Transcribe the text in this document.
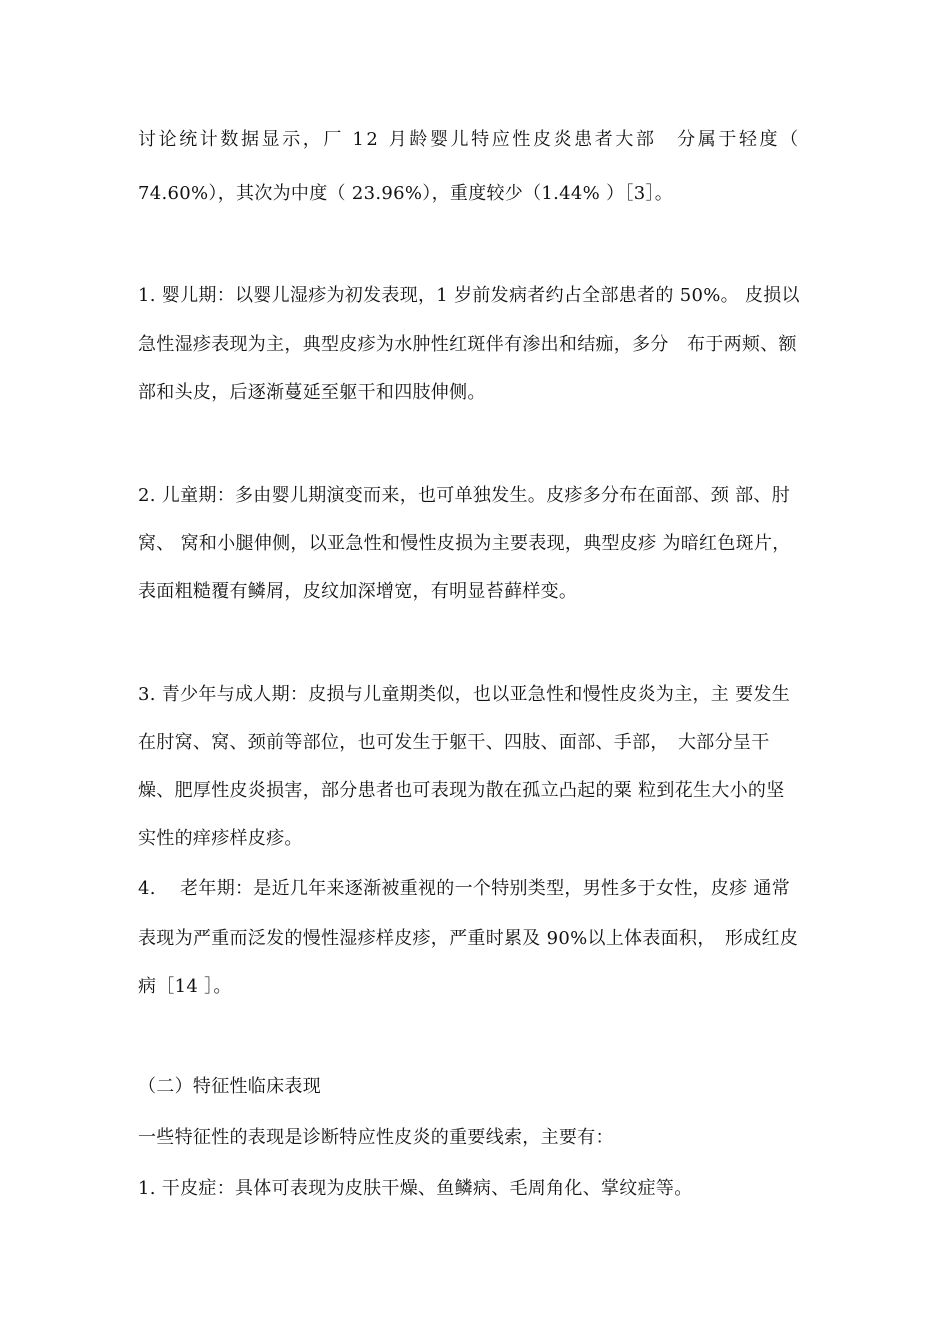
讨论统计数据显示，厂 12 月龄婴儿特应性皮炎患者大部　分属于轻度（
74.60%），其次为中度（ 23.96%），重度较少（1.44% ）［3］。
1. 婴儿期：以婴儿湿疹为初发表现，1 岁前发病者约占全部患者的 50%。 皮损以
急性湿疹表现为主，典型皮疹为水肿性红斑伴有渗出和结痂，多分　布于两颊、额
部和头皮，后逐渐蔓延至躯干和四肢伸侧。
2. 儿童期：多由婴儿期演变而来，也可单独发生。皮疹多分布在面部、颈 部、肘
窝、 窝和小腿伸侧，以亚急性和慢性皮损为主要表现，典型皮疹 为暗红色斑片，
表面粗糙覆有鳞屑，皮纹加深增宽，有明显苔藓样变。
3. 青少年与成人期：皮损与儿童期类似，也以亚急性和慢性皮炎为主，主 要发生
在肘窝、窝、颈前等部位，也可发生于躯干、四肢、面部、手部，　大部分呈干
燥、肥厚性皮炎损害，部分患者也可表现为散在孤立凸起的粟 粒到花生大小的坚
实性的痒疹样皮疹。
4.　 老年期：是近几年来逐渐被重视的一个特别类型，男性多于女性，皮疹 通常
表现为严重而泛发的慢性湿疹样皮疹，严重时累及 90%以上体表面积，　形成红皮
病［14 ］。
（二）特征性临床表现
一些特征性的表现是诊断特应性皮炎的重要线索，主要有：
1. 干皮症：具体可表现为皮肤干燥、鱼鳞病、毛周角化、掌纹症等。
